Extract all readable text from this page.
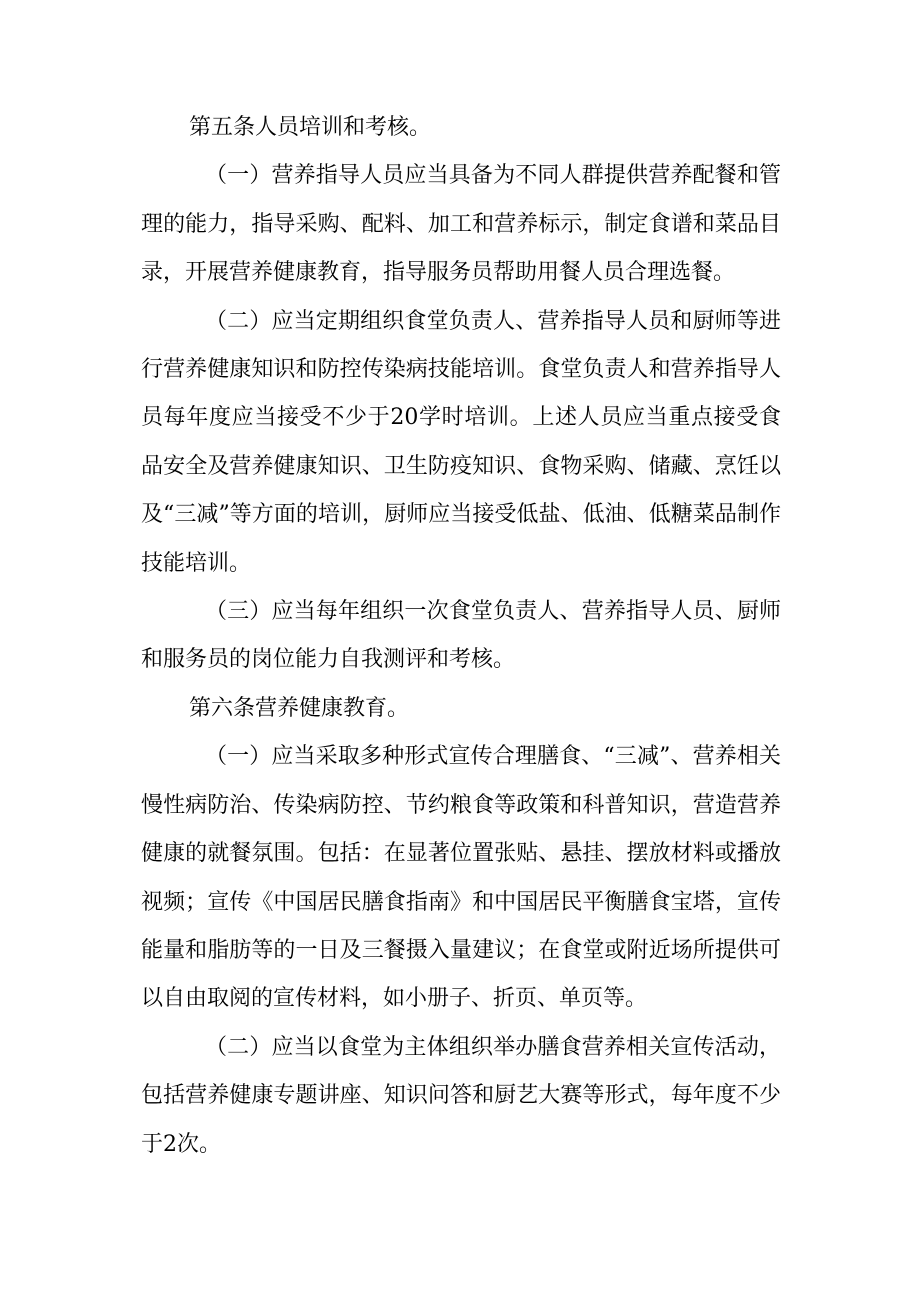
第五条人员培训和考核。

（一）营养指导人员应当具备为不同人群提供营养配餐和管理的能力，指导采购、配料、加工和营养标示，制定食谱和菜品目录，开展营养健康教育，指导服务员帮助用餐人员合理选餐。

（二）应当定期组织食堂负责人、营养指导人员和厨师等进行营养健康知识和防控传染病技能培训。食堂负责人和营养指导人员每年度应当接受不少于20学时培训。上述人员应当重点接受食品安全及营养健康知识、卫生防疫知识、食物采购、储藏、烹饪以及“三减”等方面的培训，厨师应当接受低盐、低油、低糖菜品制作技能培训。

（三）应当每年组织一次食堂负责人、营养指导人员、厨师和服务员的岗位能力自我测评和考核。

第六条营养健康教育。

（一）应当采取多种形式宣传合理膳食、“三减”、营养相关慢性病防治、传染病防控、节约粮食等政策和科普知识，营造营养健康的就餐氛围。包括：在显著位置张贴、悬挂、摆放材料或播放视频；宣传《中国居民膳食指南》和中国居民平衡膳食宝塔，宣传能量和脂肪等的一日及三餐摄入量建议；在食堂或附近场所提供可以自由取阅的宣传材料，如小册子、折页、单页等。

（二）应当以食堂为主体组织举办膳食营养相关宣传活动，包括营养健康专题讲座、知识问答和厨艺大赛等形式，每年度不少于2次。
